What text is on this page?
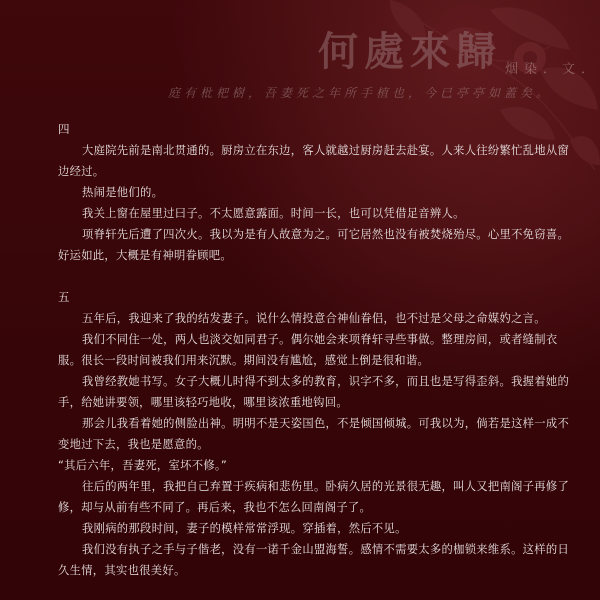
何處來歸 烟染．文．
庭有枇杷樹，吾妻死之年所手植也，今已亭亭如蓋矣。

四

大庭院先前是南北贯通的。厨房立在东边，客人就越过厨房赶去赴宴。人来人往纷繁忙乱地从窗边经过。

热闹是他们的。

我关上窗在屋里过曰子。不太愿意露面。时间一长，也可以凭借足音辨人。

项脊轩先后遭了四次火。我以为是有人故意为之。可它居然也没有被焚烧殆尽。心里不免窃喜。好运如此，大概是有神明眷顾吧。

五

五年后，我迎来了我的结发妻子。说什么情投意合神仙眷侣，也不过是父母之命媒妁之言。

我们不同住一处，两人也淡交如同君子。偶尔她会来项脊轩寻些事做。整理房间，或者缝制衣服。很长一段时间被我们用来沉默。期间没有尴尬，感觉上倒是很和谐。

我曾经教她书写。女子大概儿时得不到太多的教育，识字不多，而且也是写得歪斜。我握着她的手，给她讲要领，哪里该轻巧地收，哪里该浓重地钩回。

那会儿我看着她的侧脸出神。明明不是天姿国色，不是倾国倾城。可我以为，倘若是这样一成不变地过下去，我也是愿意的。

“其后六年，吾妻死，室坏不修。”

往后的两年里，我把自己弃置于疾病和悲伤里。卧病久居的光景很无趣，叫人又把南阁子再修了修，却与从前有些不同了。再后来，我也不怎么回南阁子了。

我刚病的那段时间，妻子的模样常常浮现。穿插着，然后不见。

我们没有执子之手与子偕老，没有一诺千金山盟海誓。感情不需要太多的枷锁来维系。这样的日久生情，其实也很美好。
